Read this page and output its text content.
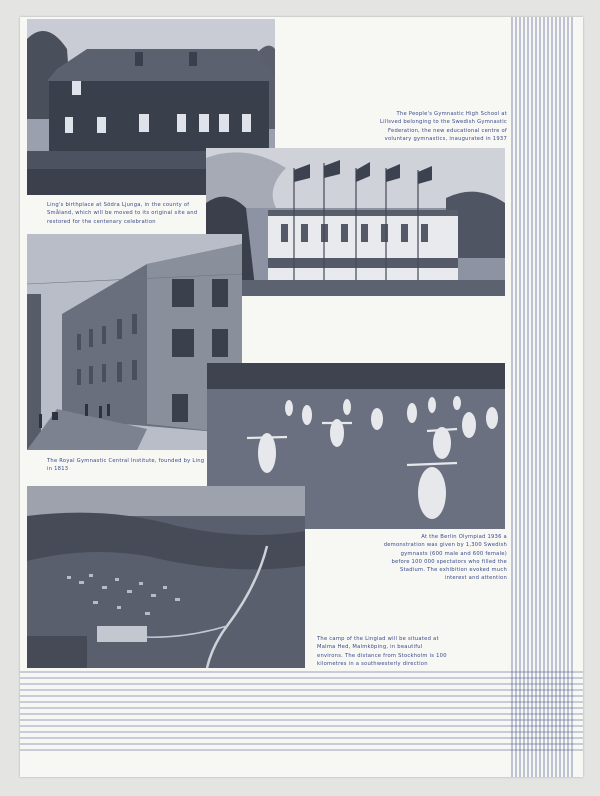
The People's Gymnastic High School at Lillsved belonging to the Swedish Gymnastic Federation, the new educational centre of voluntary gymnastics, inaugurated in 1937
Ling's birthplace at Södra Ljunga, in the county of Småland, which will be moved to its original site and restored for the centenary celebration
The Royal Gymnastic Central Institute, founded by Ling in 1813
At the Berlin Olympiad 1936 a demonstration was given by 1,300 Swedish gymnasts (600 male and 600 female) before 100 000 spectators who filled the Stadium. The exhibition evoked much interest and attention
The camp of the Lingiad will be situated at Malma Hed, Malmköping, in beautiful environs. The distance from Stockholm is 100 kilometres in a southwesterly direction
